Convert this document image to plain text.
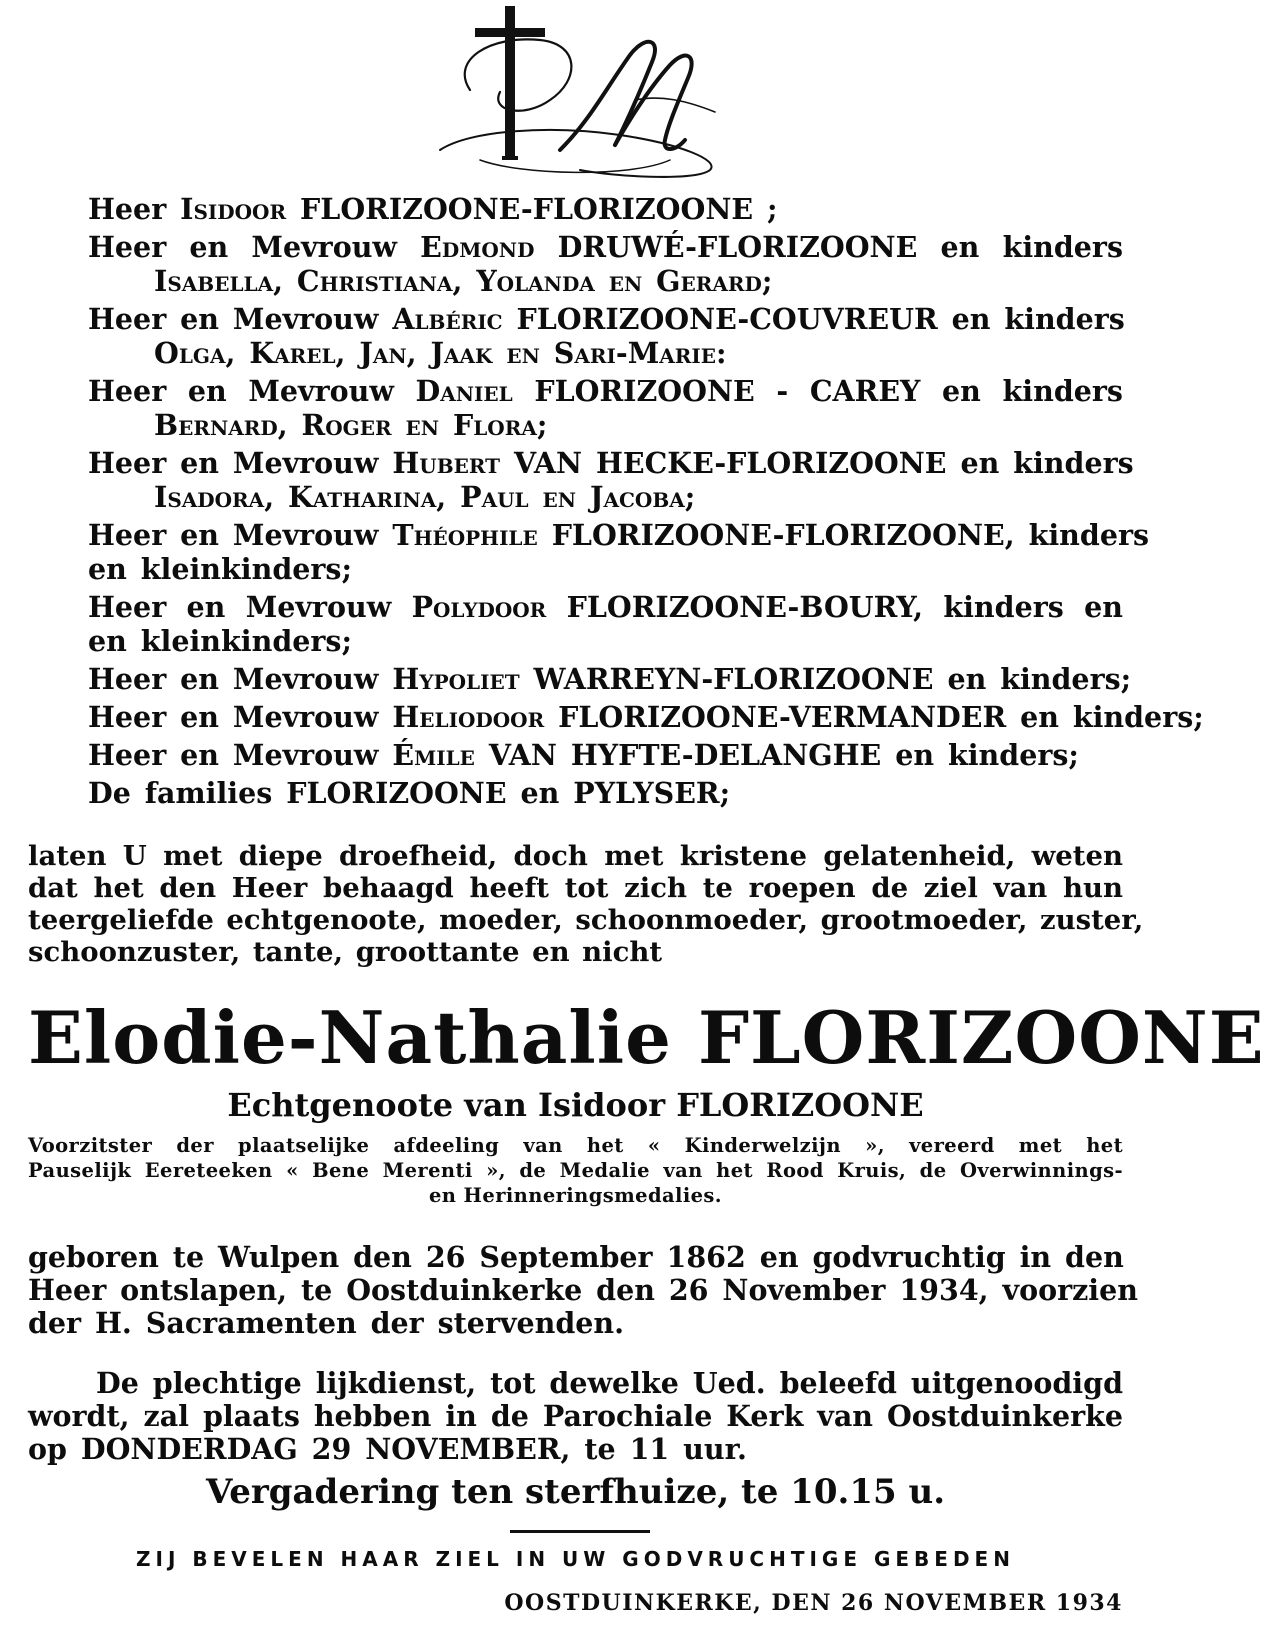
Heer Isidoor FLORIZOONE-FLORIZOONE ;
Heer en Mevrouw Edmond DRUWÉ-FLORIZOONE en kinders
Isabella, Christiana, Yolanda en Gerard;
Heer en Mevrouw Albéric FLORIZOONE-COUVREUR en kinders
Olga, Karel, Jan, Jaak en Sari-Marie:
Heer en Mevrouw Daniel FLORIZOONE - CAREY en kinders
Bernard, Roger en Flora;
Heer en Mevrouw Hubert VAN HECKE-FLORIZOONE en kinders
Isadora, Katharina, Paul en Jacoba;
Heer en Mevrouw Théophile FLORIZOONE-FLORIZOONE, kinders
en kleinkinders;
Heer en Mevrouw Polydoor FLORIZOONE-BOURY, kinders en
en kleinkinders;
Heer en Mevrouw Hypoliet WARREYN-FLORIZOONE en kinders;
Heer en Mevrouw Heliodoor FLORIZOONE-VERMANDER en kinders;
Heer en Mevrouw Émile VAN HYFTE-DELANGHE en kinders;
De families FLORIZOONE en PYLYSER;
laten U met diepe droefheid, doch met kristene gelatenheid, weten
dat het den Heer behaagd heeft tot zich te roepen de ziel van hun
teergeliefde echtgenoote, moeder, schoonmoeder, grootmoeder, zuster,
schoonzuster, tante, groottante en nicht
Elodie-Nathalie FLORIZOONE
Echtgenoote van Isidoor FLORIZOONE
Voorzitster der plaatselijke afdeeling van het « Kinderwelzijn », vereerd met het
Pauselijk Eereteeken « Bene Merenti », de Medalie van het Rood Kruis, de Overwinnings-
en Herinneringsmedalies.
geboren te Wulpen den 26 September 1862 en godvruchtig in den
Heer ontslapen, te Oostduinkerke den 26 November 1934, voorzien
der H. Sacramenten der stervenden.
De plechtige lijkdienst, tot dewelke Ued. beleefd uitgenoodigd
wordt, zal plaats hebben in de Parochiale Kerk van Oostduinkerke
op DONDERDAG 29 NOVEMBER, te 11 uur.
Vergadering ten sterfhuize, te 10.15 u.
ZIJ BEVELEN HAAR ZIEL IN UW GODVRUCHTIGE GEBEDEN
OOSTDUINKERKE, DEN 26 NOVEMBER 1934
